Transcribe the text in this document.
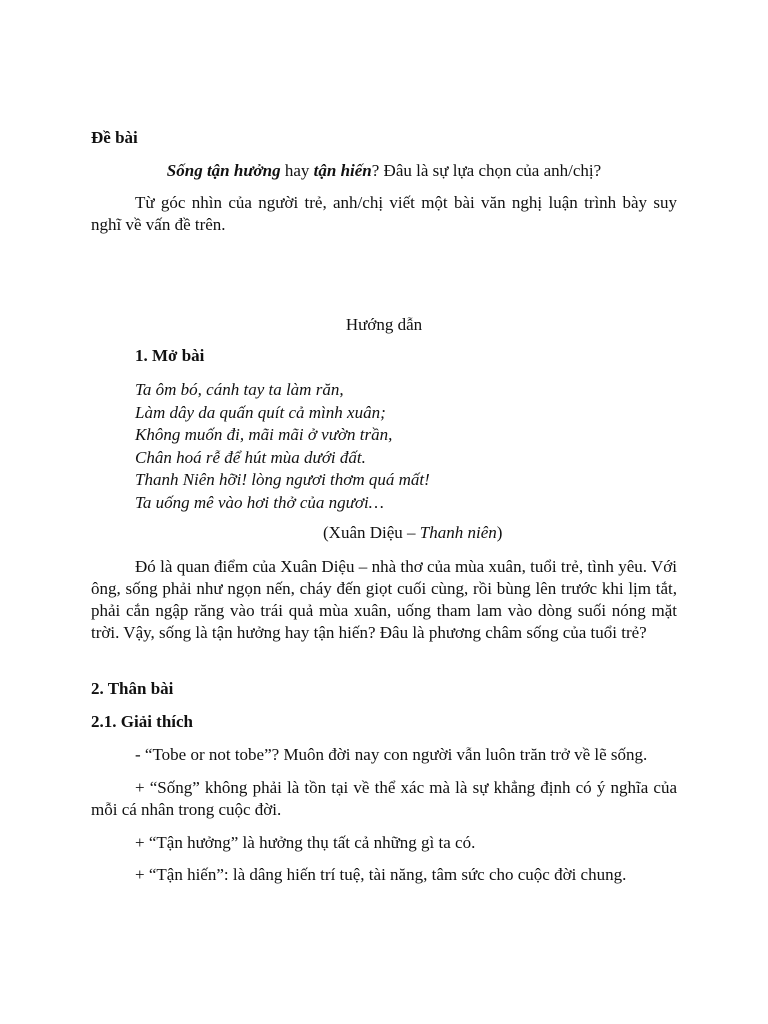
Đề bài

Sống tận hưởng hay tận hiến? Đâu là sự lựa chọn của anh/chị?

Từ góc nhìn của người trẻ, anh/chị viết một bài văn nghị luận trình bày suy nghĩ về vấn đề trên.

Hướng dẫn

1. Mở bài

Ta ôm bó, cánh tay ta làm răn,
Làm dây da quấn quít cả mình xuân;
Không muốn đi, mãi mãi ở vườn trần,
Chân hoá rễ để hút mùa dưới đất.
Thanh Niên hỡi! lòng ngươi thơm quá mất!
Ta uống mê vào hơi thở của ngươi…

(Xuân Diệu – Thanh niên)

Đó là quan điểm của Xuân Diệu – nhà thơ của mùa xuân, tuổi trẻ, tình yêu. Với ông, sống phải như ngọn nến, cháy đến giọt cuối cùng, rồi bùng lên trước khi lịm tắt, phải cắn ngập răng vào trái quả mùa xuân, uống tham lam vào dòng suối nóng mặt trời. Vậy, sống là tận hưởng hay tận hiến? Đâu là phương châm sống của tuổi trẻ?

2. Thân bài

2.1. Giải thích

- “Tobe or not tobe”? Muôn đời nay con người vẫn luôn trăn trở về lẽ sống.

+ “Sống” không phải là tồn tại về thể xác mà là sự khẳng định có ý nghĩa của mỗi cá nhân trong cuộc đời.

+ “Tận hưởng” là hưởng thụ tất cả những gì ta có.

+ “Tận hiến”: là dâng hiến trí tuệ, tài năng, tâm sức cho cuộc đời chung.
